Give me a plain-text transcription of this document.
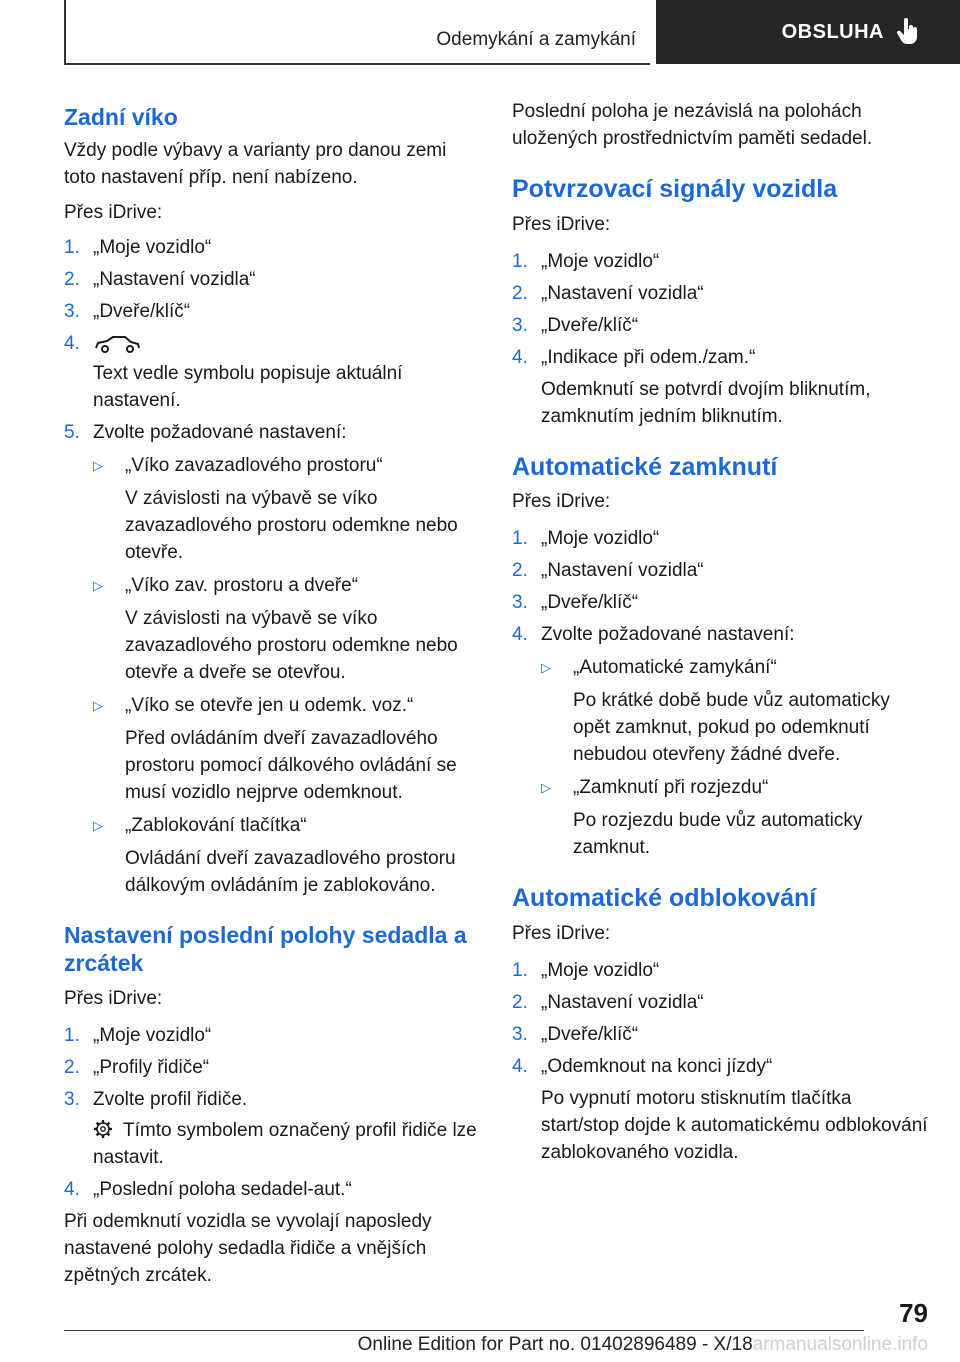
Odemykání a zamykání	OBSLUHA
Zadní víko

Vždy podle výbavy a varianty pro danou zemi toto nastavení příp. není nabízeno.

Přes iDrive:

1. „Moje vozidlo“
2. „Nastavení vozidla“
3. „Dveře/klíč“
4.
Text vedle symbolu popisuje aktuální nastavení.
5. Zvolte požadované nastavení:
▷ „Víko zavazadlového prostoru“
V závislosti na výbavě se víko zavazadlového prostoru odemkne nebo otevře.
▷ „Víko zav. prostoru a dveře“
V závislosti na výbavě se víko zavazadlového prostoru odemkne nebo otevře a dveře se otevřou.
▷ „Víko se otevře jen u odemk. voz.“
Před ovládáním dveří zavazadlového prostoru pomocí dálkového ovládání se musí vozidlo nejprve odemknout.
▷ „Zablokování tlačítka“
Ovládání dveří zavazadlového prostoru dálkovým ovládáním je zablokováno.
Nastavení poslední polohy sedadla a zrcátek

Přes iDrive:

1. „Moje vozidlo“
2. „Profily řidiče“
3. Zvolte profil řidiče.
Tímto symbolem označený profil řidiče lze nastavit.
4. „Poslední poloha sedadel-aut.“

Při odemknutí vozidla se vyvolají naposledy nastavené polohy sedadla řidiče a vnějších zpětných zrcátek.

Poslední poloha je nezávislá na polohách uložených prostřednictvím paměti sedadel.

Potvrzovací signály vozidla

Přes iDrive:

1. „Moje vozidlo“
2. „Nastavení vozidla“
3. „Dveře/klíč“
4. „Indikace při odem./zam.“
Odemknutí se potvrdí dvojím bliknutím, zamknutím jedním bliknutím.
Automatické zamknutí

Přes iDrive:

1. „Moje vozidlo“
2. „Nastavení vozidla“
3. „Dveře/klíč“
4. Zvolte požadované nastavení:
▷ „Automatické zamykání“
Po krátké době bude vůz automaticky opět zamknut, pokud po odemknutí nebudou otevřeny žádné dveře.
▷ „Zamknutí při rozjezdu“
Po rozjezdu bude vůz automaticky zamknut.
Automatické odblokování

Přes iDrive:

1. „Moje vozidlo“
2. „Nastavení vozidla“
3. „Dveře/klíč“
4. „Odemknout na konci jízdy“
Po vypnutí motoru stisknutím tlačítka start/stop dojde k automatickému odblokování zablokovaného vozidla.
79
Online Edition for Part no. 01402896489 - X/18armanualsonline.info
